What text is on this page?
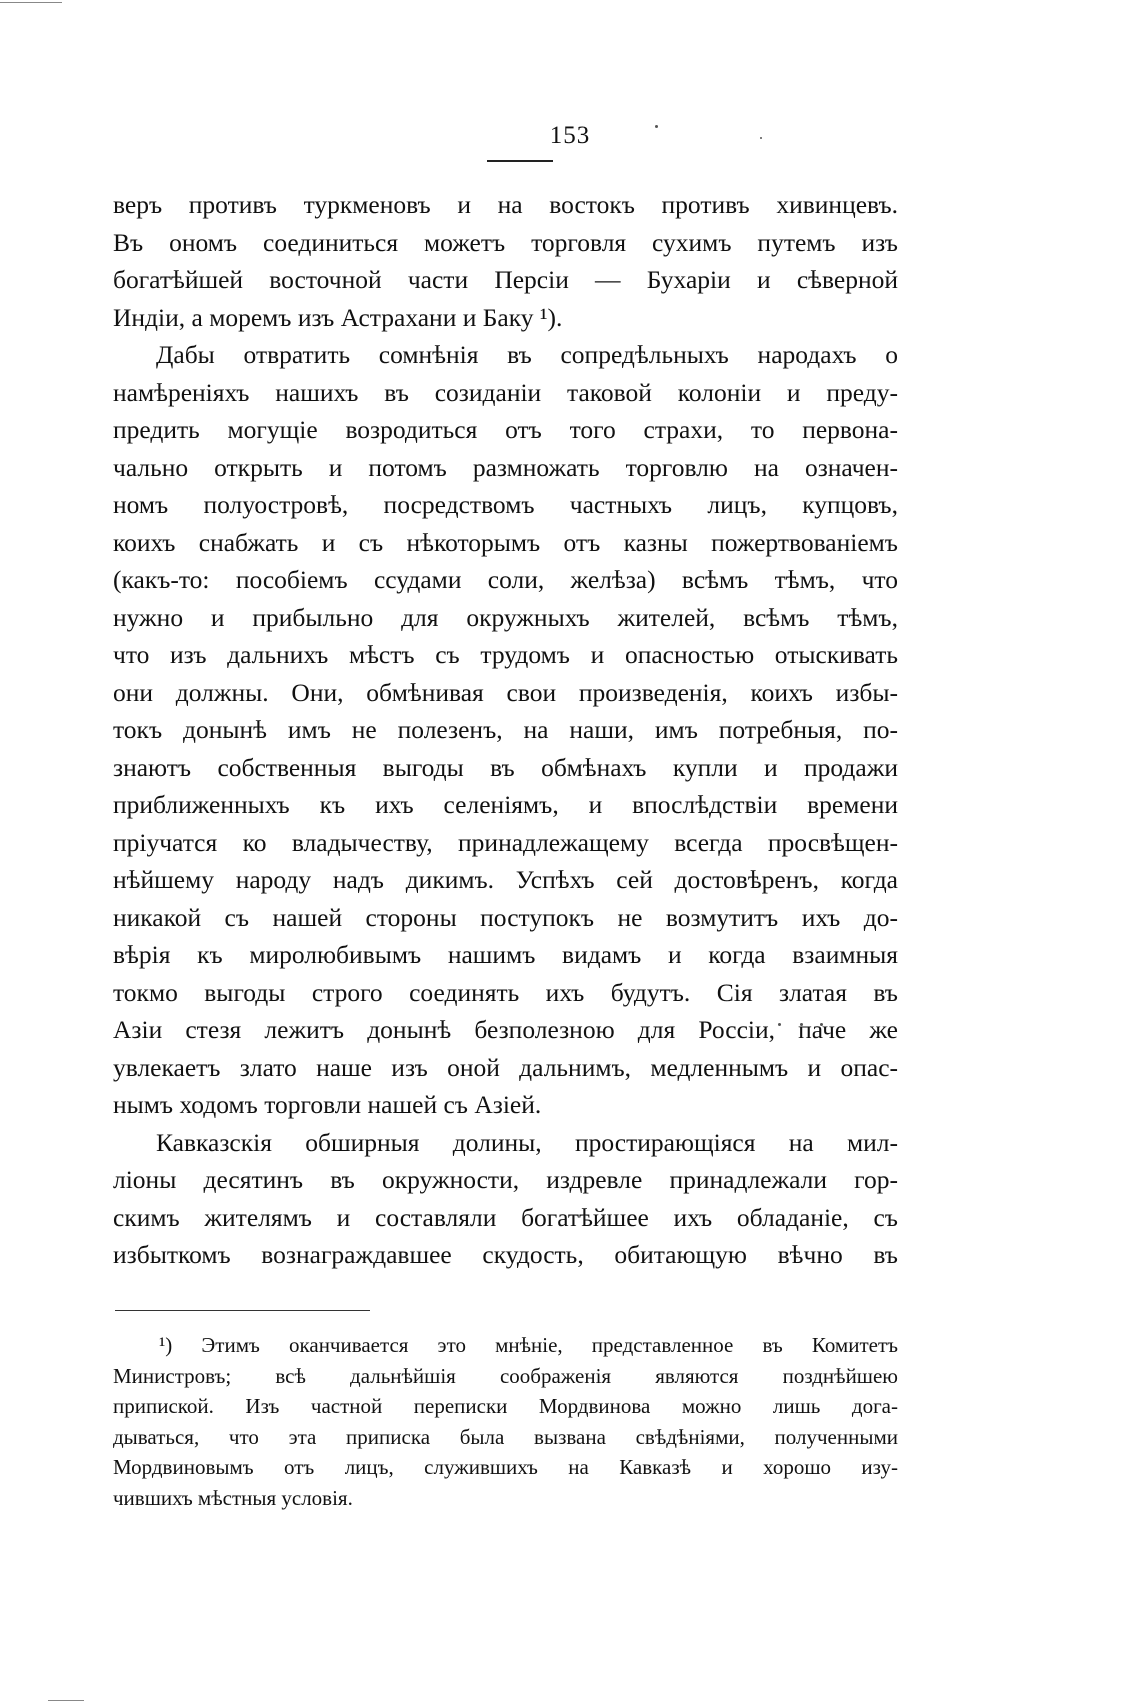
153
веръ противъ туркменовъ и на востокъ противъ хивинцевъ.
Въ ономъ соединиться можетъ торговля сухимъ путемъ изъ
богатѣйшей восточной части Персіи — Бухаріи и сѣверной
Индіи, а моремъ изъ Астрахани и Баку ¹).
Дабы отвратить сомнѣнія въ сопредѣльныхъ народахъ о
намѣреніяхъ нашихъ въ созиданіи таковой колоніи и преду-
предить могущіе возродиться отъ того страхи, то первона-
чально открыть и потомъ размножать торговлю на означен-
номъ полуостровѣ, посредствомъ частныхъ лицъ, купцовъ,
коихъ снабжать и съ нѣкоторымъ отъ казны пожертвованіемъ
(какъ-то: пособіемъ ссудами соли, желѣза) всѣмъ тѣмъ, что
нужно и прибыльно для окружныхъ жителей, всѣмъ тѣмъ,
что изъ дальнихъ мѣстъ съ трудомъ и опасностью отыскивать
они должны. Они, обмѣнивая свои произведенія, коихъ избы-
токъ донынѣ имъ не полезенъ, на наши, имъ потребныя, по-
знаютъ собственныя выгоды въ обмѣнахъ купли и продажи
приближенныхъ къ ихъ селеніямъ, и впослѣдствіи времени
пріучатся ко владычеству, принадлежащему всегда просвѣщен-
нѣйшему народу надъ дикимъ. Успѣхъ сей достовѣренъ, когда
никакой съ нашей стороны поступокъ не возмутитъ ихъ до-
вѣрія къ миролюбивымъ нашимъ видамъ и когда взаимныя
токмо выгоды строго соединять ихъ будутъ. Сія златая въ
Азіи стезя лежитъ донынѣ безполезною для Россіи, паче же
увлекаетъ злато наше изъ оной дальнимъ, медленнымъ и опас-
нымъ ходомъ торговли нашей съ Азіей.
Кавказскія обширныя долины, простирающіяся на мил-
ліоны десятинъ въ окружности, издревле принадлежали гор-
скимъ жителямъ и составляли богатѣйшее ихъ обладаніе, съ
избыткомъ вознаграждавшее скудость, обитающую вѣчно въ
¹) Этимъ оканчивается это мнѣніе, представленное въ Комитетъ
Министровъ; всѣ дальнѣйшія соображенія являются позднѣйшею
припиской. Изъ частной переписки Мордвинова можно лишь дога-
дываться, что эта приписка была вызвана свѣдѣніями, полученными
Мордвиновымъ отъ лицъ, служившихъ на Кавказѣ и хорошо изу-
чившихъ мѣстныя условія.
